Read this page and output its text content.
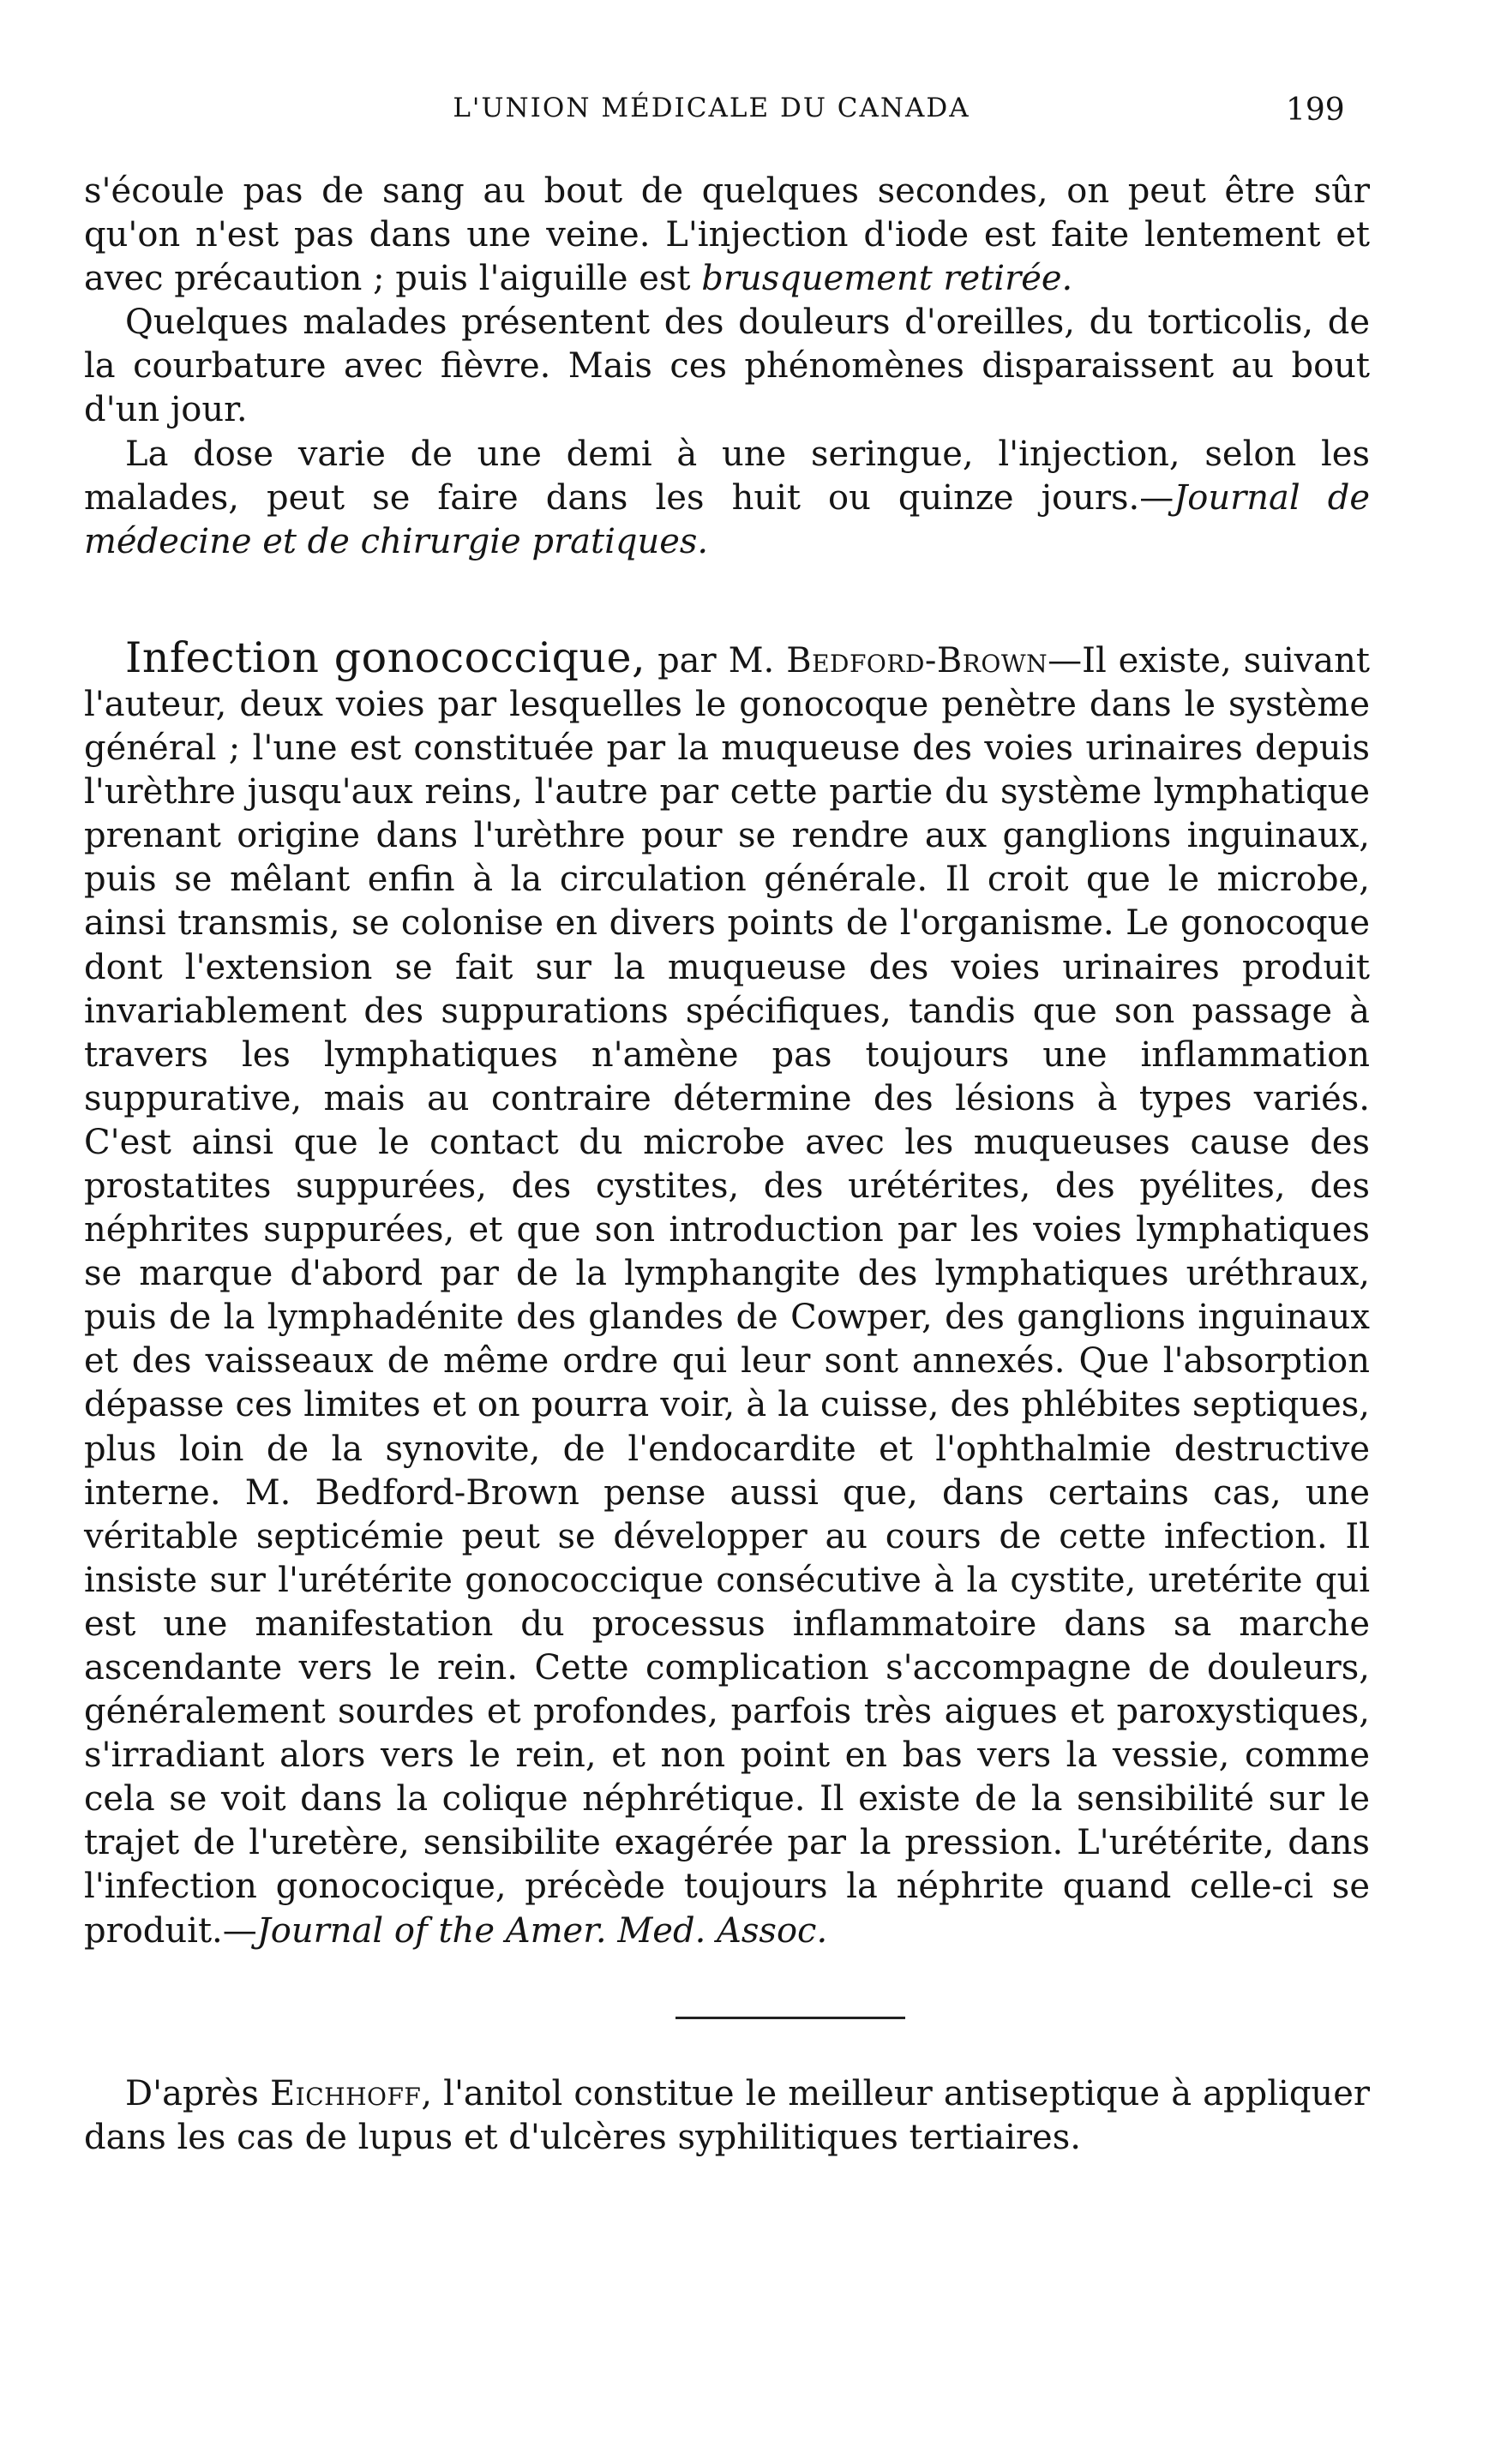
L'UNION MÉDICALE DU CANADA	199

s'écoule pas de sang au bout de quelques secondes, on peut être sûr qu'on n'est pas dans une veine. L'injection d'iode est faite lentement et avec précaution ; puis l'aiguille est brusquement retirée.

Quelques malades présentent des douleurs d'oreilles, du torticolis, de la courbature avec fièvre. Mais ces phénomènes disparaissent au bout d'un jour.

La dose varie de une demi à une seringue, l'injection, selon les malades, peut se faire dans les huit ou quinze jours.—Journal de médecine et de chirurgie pratiques.

Infection gonococcique, par M. Bedford-Brown—Il existe, suivant l'auteur, deux voies par lesquelles le gonocoque penètre dans le système général ; l'une est constituée par la muqueuse des voies urinaires depuis l'urèthre jusqu'aux reins, l'autre par cette partie du système lymphatique prenant origine dans l'urèthre pour se rendre aux ganglions inguinaux, puis se mêlant enfin à la circulation générale. Il croit que le microbe, ainsi transmis, se colonise en divers points de l'organisme. Le gonocoque dont l'extension se fait sur la muqueuse des voies urinaires produit invariablement des suppurations spécifiques, tandis que son passage à travers les lymphatiques n'amène pas toujours une inflammation suppurative, mais au contraire détermine des lésions à types variés. C'est ainsi que le contact du microbe avec les muqueuses cause des prostatites suppurées, des cystites, des urétérites, des pyélites, des néphrites suppurées, et que son introduction par les voies lymphatiques se marque d'abord par de la lymphangite des lymphatiques uréthraux, puis de la lymphadénite des glandes de Cowper, des ganglions inguinaux et des vaisseaux de même ordre qui leur sont annexés. Que l'absorption dépasse ces limites et on pourra voir, à la cuisse, des phlébites septiques, plus loin de la synovite, de l'endocardite et l'ophthalmie destructive interne. M. Bedford-Brown pense aussi que, dans certains cas, une véritable septicémie peut se développer au cours de cette infection. Il insiste sur l'urétérite gonococcique consécutive à la cystite, uretérite qui est une manifestation du processus inflammatoire dans sa marche ascendante vers le rein. Cette complication s'accompagne de douleurs, généralement sourdes et profondes, parfois très aigues et paroxystiques, s'irradiant alors vers le rein, et non point en bas vers la vessie, comme cela se voit dans la colique néphrétique. Il existe de la sensibilité sur le trajet de l'uretère, sensibilite exagérée par la pression. L'urétérite, dans l'infection gonococique, précède toujours la néphrite quand celle-ci se produit.—Journal of the Amer. Med. Assoc.

D'après Eichhoff, l'anitol constitue le meilleur antiseptique à appliquer dans les cas de lupus et d'ulcères syphilitiques tertiaires.
